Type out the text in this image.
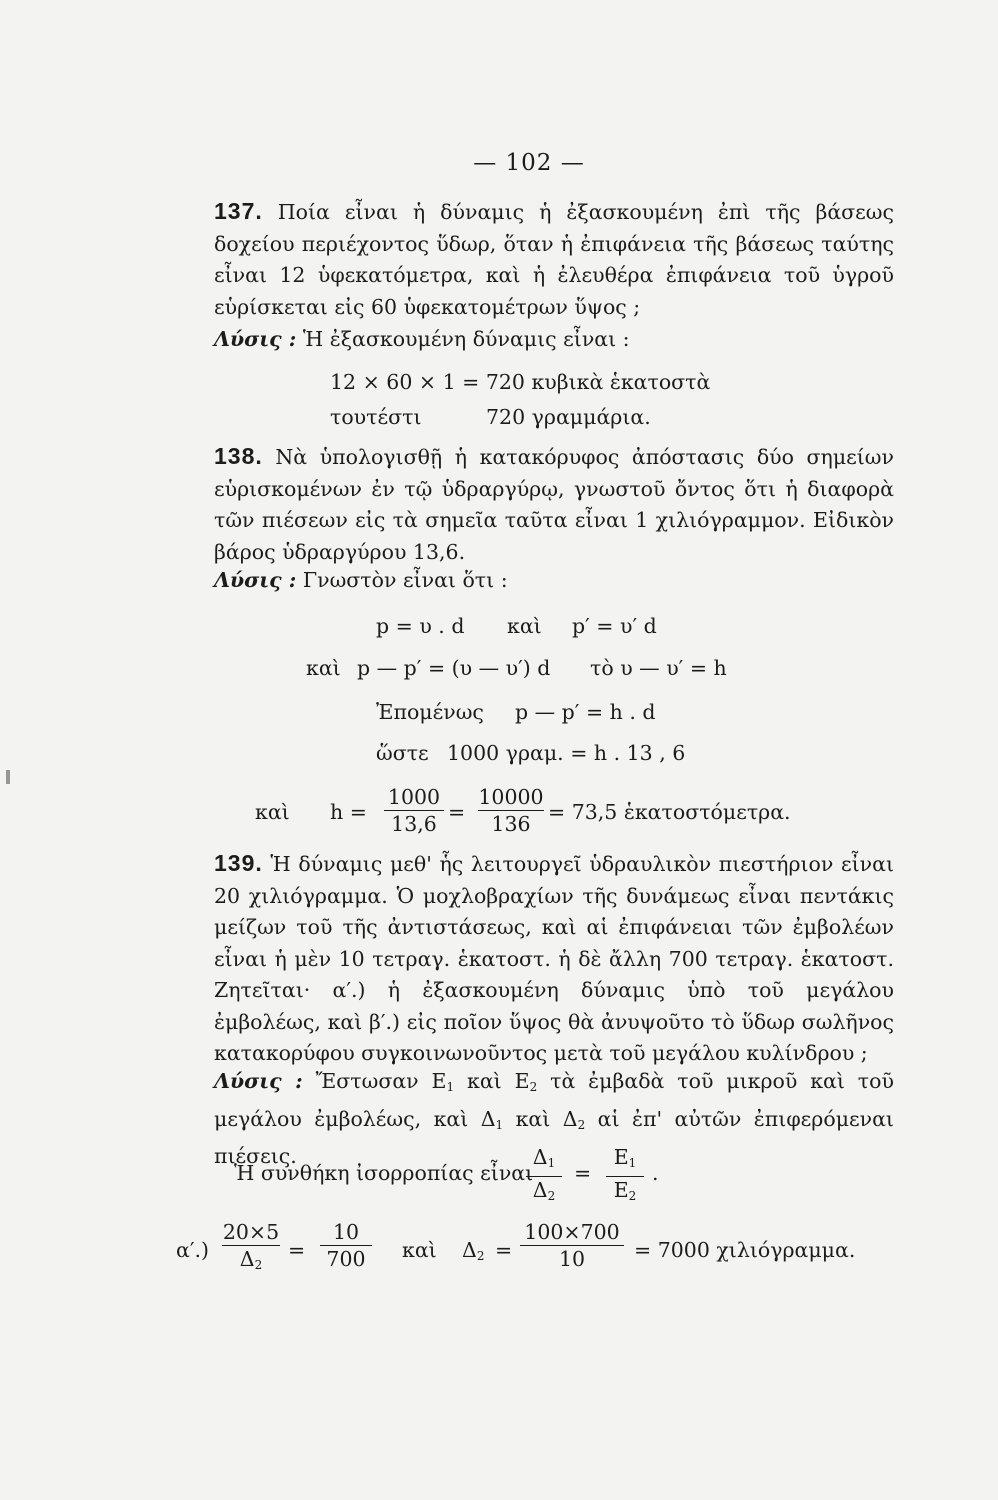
— 102 —
137. Ποία εἶναι ἡ δύναμις ἡ ἐξασκουμένη ἐπὶ τῆς βάσεως δοχείου περιέχοντος ὕδωρ, ὅταν ἡ ἐπιφάνεια τῆς βάσεως ταύτης εἶναι 12 ὑφεκατόμετρα, καὶ ἡ ἐλευθέρα ἐπιφάνεια τοῦ ὑγροῦ εὑρίσκεται εἰς 60 ὑφεκατομέτρων ὕψος ;
Λύσις : Ἡ ἐξασκουμένη δύναμις εἶναι :
12 × 60 × 1 = 720 κυβικὰ ἑκατοστὰ
τουτέστι	720 γραμμάρια.
138. Νὰ ὑπολογισθῇ ἡ κατακόρυφος ἀπόστασις δύο σημείων εὑρισκομένων ἐν τῷ ὑδραργύρῳ, γνωστοῦ ὄντος ὅτι ἡ διαφορὰ τῶν πιέσεων εἰς τὰ σημεῖα ταῦτα εἶναι 1 χιλιόγραμμον. Εἰδικὸν βάρος ὑδραργύρου 13,6.
Λύσις : Γνωστὸν εἶναι ὅτι :
p = υ . d καὶ p′ = υ′ d
καὶ p — p′ = (υ — υ′) d τὸ υ — υ′ = h
Ἐπομένως p — p′ = h . d
ὥστε 1000 γραμ. = h . 13 , 6
καὶ $h = \frac{1000}{13,6} = \frac{10000}{136} = 73,5$ ἑκατοστόμετρα.
139. Ἡ δύναμις μεθ' ἧς λειτουργεῖ ὑδραυλικὸν πιεστήριον εἶναι 20 χιλιόγραμμα. Ὁ μοχλοβραχίων τῆς δυνάμεως εἶναι πεντάκις μείζων τοῦ τῆς ἀντιστάσεως, καὶ αἱ ἐπιφάνειαι τῶν ἐμβολέων εἶναι ἡ μὲν 10 τετραγ. ἑκατοστ. ἡ δὲ ἄλλη 700 τετραγ. ἑκατοστ. Ζητεῖται· α′.) ἡ ἐξασκουμένη δύναμις ὑπὸ τοῦ μεγάλου ἐμβολέως, καὶ β′.) εἰς ποῖον ὕψος θὰ ἀνυψοῦτο τὸ ὕδωρ σωλῆνος κατακορύφου συγκοινωνοῦντος μετὰ τοῦ μεγάλου κυλίνδρου ;
Λύσις : Ἔστωσαν $E_1$ καὶ $E_2$ τὰ ἐμβαδὰ τοῦ μικροῦ καὶ τοῦ μεγάλου ἐμβολέως, καὶ $\Delta_1$ καὶ $\Delta_2$ αἱ ἐπ' αὐτῶν ἐπιφερόμεναι πιέσεις.
Ἡ συνθήκη ἰσορροπίας εἶναι
$\frac{\Delta_1}{\Delta_2} = \frac{E_1}{E_2}$ .
$\alpha'.) \frac{20\times 5}{\Delta_2} = \frac{10}{700}$ καὶ $\Delta_2 = \frac{100\times 700}{10} = 7000$ χιλιόγραμμα.
